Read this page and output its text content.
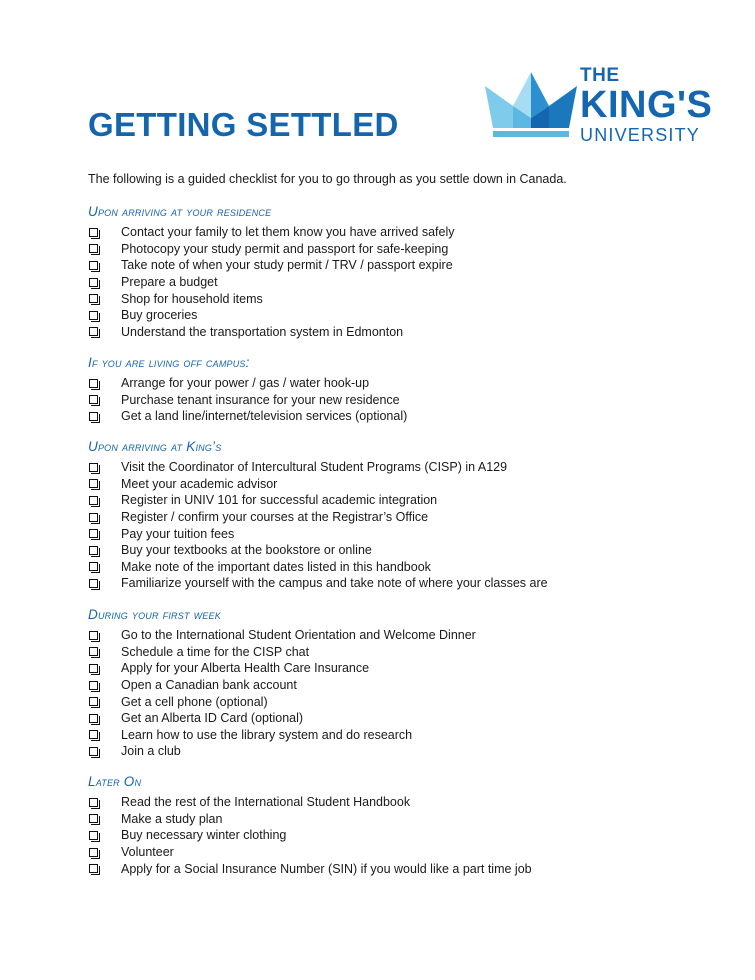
GETTING SETTLED
THE
KING'S
UNIVERSITY

The following is a guided checklist for you to go through as you settle down in Canada.

Upon arriving at your residence
Contact your family to let them know you have arrived safely
Photocopy your study permit and passport for safe-keeping
Take note of when your study permit / TRV / passport expire
Prepare a budget
Shop for household items
Buy groceries
Understand the transportation system in Edmonton
If you are living off campus:
Arrange for your power / gas / water hook-up
Purchase tenant insurance for your new residence
Get a land line/internet/television services (optional)
Upon arriving at King’s
Visit the Coordinator of Intercultural Student Programs (CISP) in A129
Meet your academic advisor
Register in UNIV 101 for successful academic integration
Register / confirm your courses at the Registrar’s Office
Pay your tuition fees
Buy your textbooks at the bookstore or online
Make note of the important dates listed in this handbook
Familiarize yourself with the campus and take note of where your classes are
During your first week
Go to the International Student Orientation and Welcome Dinner
Schedule a time for the CISP chat
Apply for your Alberta Health Care Insurance
Open a Canadian bank account
Get a cell phone (optional)
Get an Alberta ID Card (optional)
Learn how to use the library system and do research
Join a club
Later On
Read the rest of the International Student Handbook
Make a study plan
Buy necessary winter clothing
Volunteer
Apply for a Social Insurance Number (SIN) if you would like a part time job
